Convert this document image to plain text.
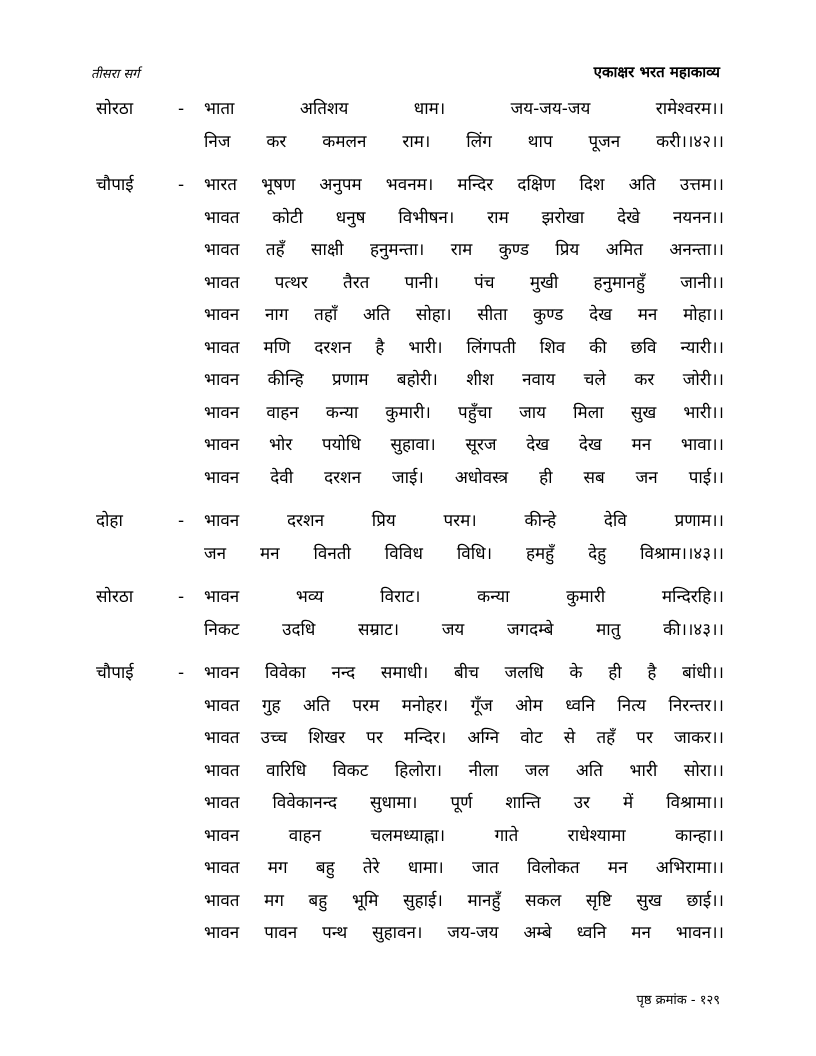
तीसरा सर्ग	एकाक्षर भरत महाकाव्य
सोरठा	-	भाता अतिशय धाम। जय-जय-जय रामेश्वरम।।
निज कर कमलन राम। लिंग थाप पूजन करी।।४२।।
चौपाई	-	भारत भूषण अनुपम भवनम। मन्दिर दक्षिण दिश अति उत्तम।।
भावत कोटी धनुष विभीषन। राम झरोखा देखे नयनन।।
भावत तहँ साक्षी हनुमन्ता। राम कुण्ड प्रिय अमित अनन्ता।।
भावत पत्थर तैरत पानी। पंच मुखी हनुमानहुँ जानी।।
भावन नाग तहाँ अति सोहा। सीता कुण्ड देख मन मोहा।।
भावत मणि दरशन है भारी। लिंगपती शिव की छवि न्यारी।।
भावन कीन्हि प्रणाम बहोरी। शीश नवाय चले कर जोरी।।
भावन वाहन कन्या कुमारी। पहुँचा जाय मिला सुख भारी।।
भावन भोर पयोधि सुहावा। सूरज देख देख मन भावा।।
भावन देवी दरशन जाई। अधोवस्त्र ही सब जन पाई।।
दोहा	-	भावन दरशन प्रिय परम। कीन्हे देवि प्रणाम।।
जन मन विनती विविध विधि। हमहुँ देहु विश्राम।।४३।।
सोरठा	-	भावन भव्य विराट। कन्या कुमारी मन्दिरहि।।
निकट उदधि सम्राट। जय जगदम्बे मातु की।।४३।।
चौपाई	-	भावन विवेका नन्द समाधी। बीच जलधि के ही है बांधी।।
भावत गुह अति परम मनोहर। गूँज ओम ध्वनि नित्य निरन्तर।।
भावत उच्च शिखर पर मन्दिर। अग्नि वोट से तहँ पर जाकर।।
भावत वारिधि विकट हिलोरा। नीला जल अति भारी सोरा।।
भावत विवेकानन्द सुधामा। पूर्ण शान्ति उर में विश्रामा।।
भावन वाहन चलमध्याह्ना। गाते राधेश्यामा कान्हा।।
भावत मग बहु तेरे धामा। जात विलोकत मन अभिरामा।।
भावत मग बहु भूमि सुहाई। मानहुँ सकल सृष्टि सुख छाई।।
भावन पावन पन्थ सुहावन। जय-जय अम्बे ध्वनि मन भावन।।
पृष्ठ क्रमांक - १२९
